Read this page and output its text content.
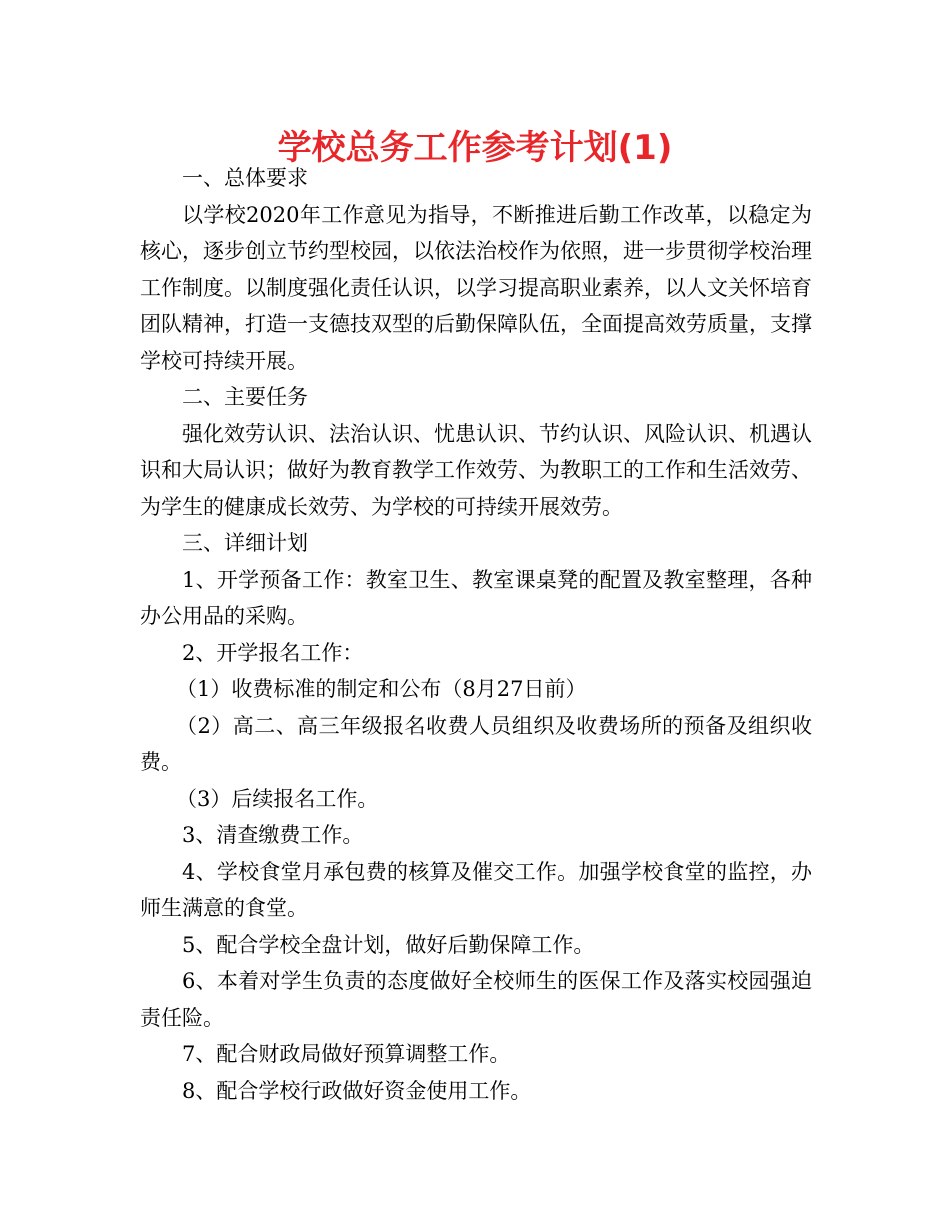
学校总务工作参考计划(1)

一、总体要求

以学校2020年工作意见为指导，不断推进后勤工作改革，以稳定为核心，逐步创立节约型校园，以依法治校作为依照，进一步贯彻学校治理工作制度。以制度强化责任认识，以学习提高职业素养，以人文关怀培育团队精神，打造一支德技双型的后勤保障队伍，全面提高效劳质量，支撑学校可持续开展。

二、主要任务

强化效劳认识、法治认识、忧患认识、节约认识、风险认识、机遇认识和大局认识；做好为教育教学工作效劳、为教职工的工作和生活效劳、为学生的健康成长效劳、为学校的可持续开展效劳。

三、详细计划

1、开学预备工作：教室卫生、教室课桌凳的配置及教室整理，各种办公用品的采购。

2、开学报名工作：

（1）收费标准的制定和公布（8月27日前）

（2）高二、高三年级报名收费人员组织及收费场所的预备及组织收费。

（3）后续报名工作。

3、清查缴费工作。

4、学校食堂月承包费的核算及催交工作。加强学校食堂的监控，办师生满意的食堂。

5、配合学校全盘计划，做好后勤保障工作。

6、本着对学生负责的态度做好全校师生的医保工作及落实校园强迫责任险。

7、配合财政局做好预算调整工作。

8、配合学校行政做好资金使用工作。
